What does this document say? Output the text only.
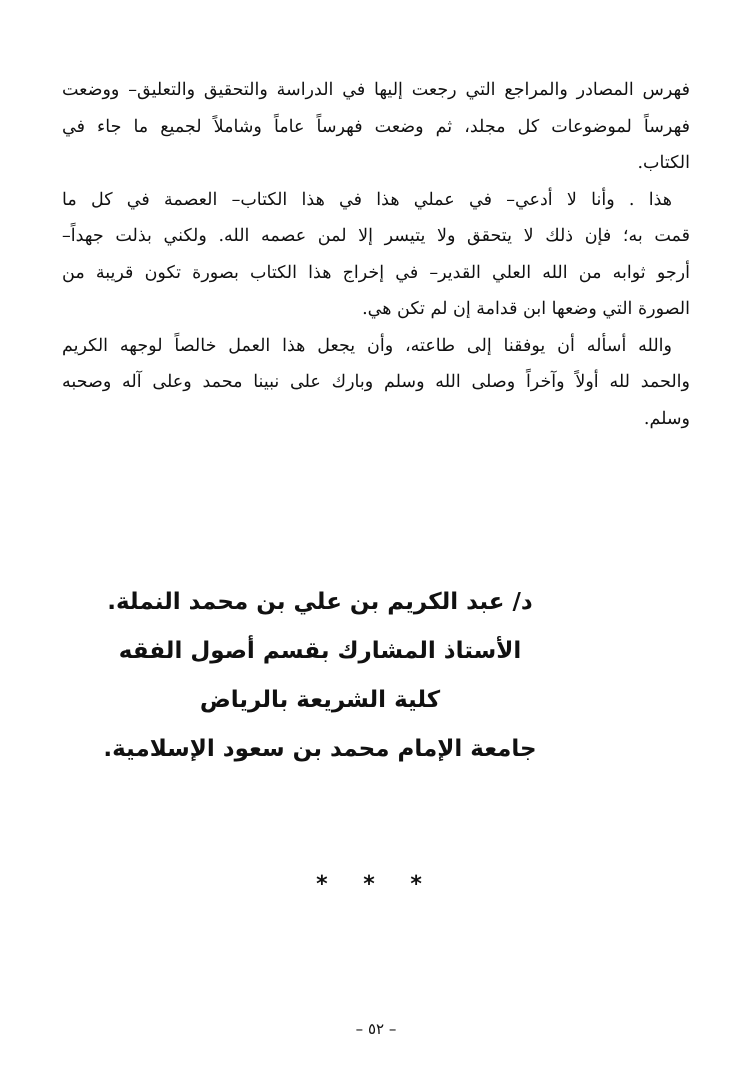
فهرس المصادر والمراجع التي رجعت إليها في الدراسة والتحقيق والتعليق– ووضعت
فهرساً لموضوعات كل مجلد، ثم وضعت فهرساً عاماً وشاملاً لجميع ما جاء في
الكتاب.
هذا . وأنا لا أدعي– في عملي هذا في هذا الكتاب– العصمة في كل ما
قمت به؛ فإن ذلك لا يتحقق ولا يتيسر إلا لمن عصمه الله. ولكني بذلت جهداً–
أرجو ثوابه من الله العلي القدير– في إخراج هذا الكتاب بصورة تكون قريبة من
الصورة التي وضعها ابن قدامة إن لم تكن هي.
والله أسأله أن يوفقنا إلى طاعته، وأن يجعل هذا العمل خالصاً لوجهه الكريم
والحمد لله أولاً وآخراً وصلى الله وسلم وبارك على نبينا محمد وعلى آله وصحبه
وسلم.
د/ عبد الكريم بن علي بن محمد النملة.
الأستاذ المشارك بقسم أصول الفقه
كلية الشريعة بالرياض
جامعة الإمام محمد بن سعود الإسلامية.
* * *
– ٥٢ –
